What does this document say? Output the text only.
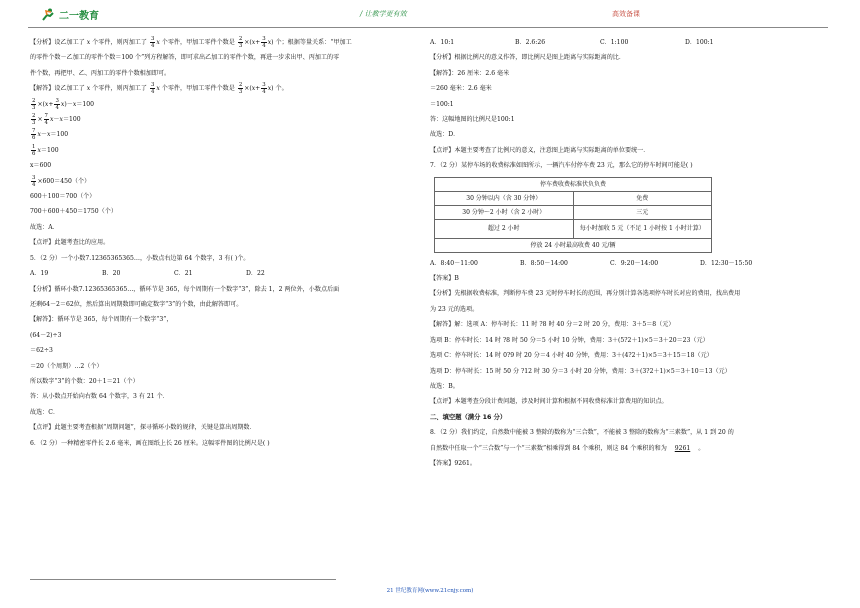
二一教育	/ 让教学更有效	高效备课

【分析】设乙加工了 x 个零件，则丙加工了 $\frac{3}{4}$ x 个零件，甲加工零件个数是 $\frac{2}{3} \times(x+ \frac{3}{4} x)$ 个；根据等量关系：“甲加工

的零件个数－乙加工的零件个数＝100 个”列方程解答，即可求出乙加工的零件个数，再进一步求出甲、丙加工的零

件个数，再把甲、乙、丙加工的零件个数相加即可。

【解答】设乙加工了 x 个零件，则丙加工了 $\frac{3}{4}$ x 个零件，甲加工零件个数是 $\frac{2}{3} \times(x+ \frac{3}{4} x)$ 个。

$\frac{2}{3} \times(x+ \frac{3}{4} x)-x=100$

$\frac{2}{3} \times \frac{7}{4} x-x=100$

$\frac{7}{6} x-x=100$

$\frac{1}{6} x=100$

x＝600

$\frac{3}{4} \times 600=450$（个）

600＋100＝700（个）

700＋600＋450＝1750（个）

故选：A．

【点评】此题考查比的应用。

5．（2 分）一个小数7.12365365365…，小数点右边第 64 个数字，3 有( )个。

A．19	B．20	C．21	D．22

【分析】循环小数7.12365365365…，循环节是 365，每个周期有一个数字“3”，除去 1，2 两位外，小数点后面

还剩64－2＝62位，然后算出周期数即可确定数字“3”的个数，由此解答即可。

【解答】：循环节是 365，每个周期有一个数字“3”，

(64－2)÷3

＝62÷3

＝20（个周期）…2（个）

所以数字“3”的个数：20＋1＝21（个）

答：从小数点开始向右数 64 个数字，3 有 21 个．

故选：C．

【点评】此题主要考查根据“周期问题”，探寻循环小数的规律，关键是算出周期数．

6．（2 分）一种精密零件长 2.6 毫米，画在图纸上长 26 厘米。这幅零件图的比例尺是( )

A．10:1	B．2.6:26	C．1:100	D．100:1

【分析】根据比例尺的意义作答，即比例尺是图上距离与实际距离的比．

【解答】：26 厘米：2.6 毫米

＝260 毫米：2.6 毫米

＝100:1

答：这幅地图的比例尺是100:1

故选：D．

【点评】本题主要考查了比例尺的意义，注意图上距离与实际距离的单位要统一．

7．（2 分）某停车场的收费标准如图所示，一辆汽车付停车费 23 元，那么它的停车时间可能是( )

停车费收费标准伏负负费	
30 分钟以内（含 30 分钟）	免费
30 分钟～2 小时（含 2 小时）	三元
超过 2 小时	每小时加收 5 元（不足 1 小时按 1 小时计算）
停放 24 小时最高收费 40 元/辆	
A．8:40－11:00	B．8:50－14:00	C．9:20－14:00	D．12:30－15:50

【答案】B

【分析】先根据收费标准，判断停车费 23 元时停车时长的范围，再分别计算各选项停车时长对应的费用，找出费用

为 23 元的选项。

【解答】解：选项 A：停车时长：11 时 ?8 时 40 分＝2 时 20 分，费用：3＋5＝8（元）

选项 B：停车时长：14 时 ?8 时 50 分＝5 小时 10 分钟，费用：3＋(5?2＋1)×5＝3＋20＝23（元）

选项 C：停车时长：14 时 0?9 时 20 分＝4 小时 40 分钟，费用：3＋(4?2＋1)×5＝3＋15＝18（元）

选项 D：停车时长：15 时 50 分 ?12 时 30 分＝3 小时 20 分钟，费用：3＋(3?2＋1)×5＝3＋10＝13（元）

故选：B。

【点评】本题考查分段计费问题，涉及时间计算和根据不同收费标准计算费用的知识点。

二、填空题（满分 16 分）

8．（2 分）我们约定，自然数中能被 3 整除的数称为“三合数”，不能被 3 整除的数称为“三素数”，从 1 到 20 的

自然数中任取一个“三合数”与一个“三素数”相乘得到 84 个乘积，则这 84 个乘积的和为 9261 。

【答案】9261。

21 世纪教育网(www.21cnjy.com)
